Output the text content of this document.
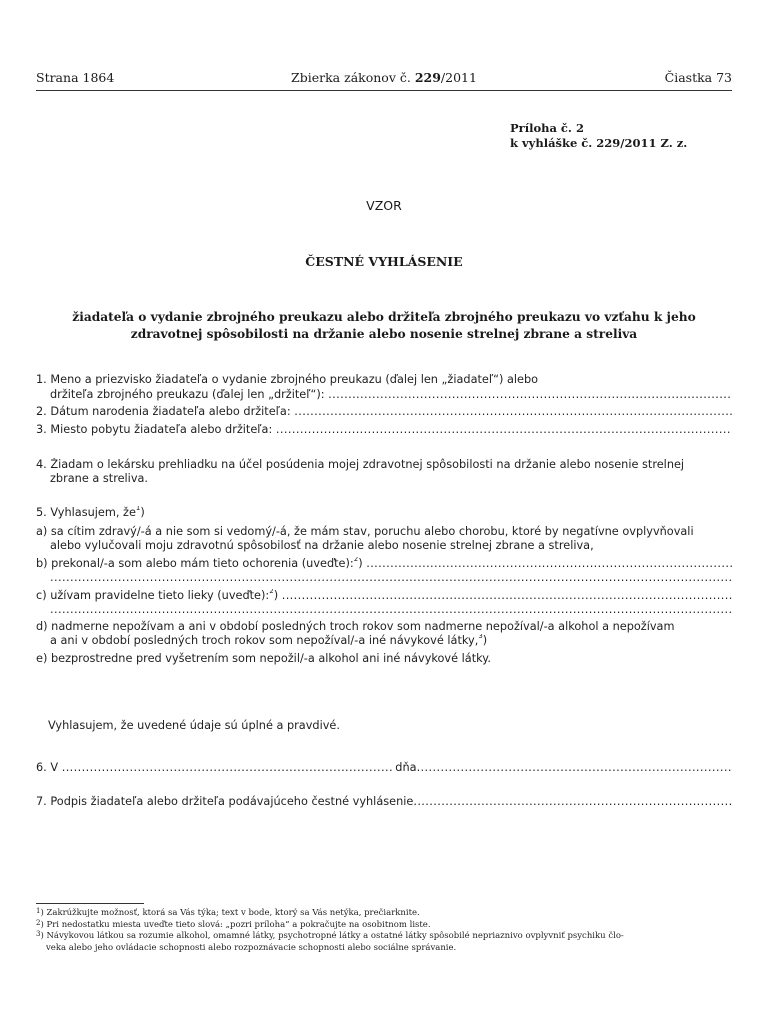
Strana 1864	Zbierka zákonov č. 229/2011	Čiastka 73
Príloha č. 2
k vyhláške č. 229/2011 Z. z.
VZOR
ČESTNÉ VYHLÁSENIE
žiadateľa o vydanie zbrojného preukazu alebo držiteľa zbrojného preukazu vo vzťahu k jeho
zdravotnej spôsobilosti na držanie alebo nosenie strelnej zbrane a streliva
1. Meno a priezvisko žiadateľa o vydanie zbrojného preukazu (ďalej len „žiadateľ“) alebo
držiteľa zbrojného preukazu (ďalej len „držiteľ“):
.....
2. Dátum narodenia žiadateľa alebo držiteľa:
.....
3. Miesto pobytu žiadateľa alebo držiteľa:
.....
4. Žiadam o lekársku prehliadku na účel posúdenia mojej zdravotnej spôsobilosti na držanie alebo nosenie strelnej
zbrane a streliva.
5. Vyhlasujem, $že^1$)
a) sa cítim zdravý/-á a nie som si vedomý/-á, že mám stav, poruchu alebo chorobu, ktoré by negatívne ovplyvňovali
alebo vylučovali moju zdravotnú spôsobilosť na držanie alebo nosenie strelnej zbrane a streliva,
b) prekonal/-a som alebo mám tieto ochorenia (uveďte):$^2$)
.....
.....
c) užívam pravidelne tieto lieky (uveďte):$^2$)
.....
.....
d) nadmerne nepožívam a ani v období posledných troch rokov som nadmerne nepožíval/-a alkohol a nepožívam
a ani v období posledných troch rokov som nepožíval/-a iné návykové látky,$^3$)
e) bezprostredne pred vyšetrením som nepožil/-a alkohol ani iné návykové látky.
Vyhlasujem, že uvedené údaje sú úplné a pravdivé.
6. V
.....	dňa
.....
7. Podpis žiadateľa alebo držiteľa podávajúceho čestné vyhlásenie
.....
$^1$) Zakrúžkujte možnosť, ktorá sa Vás týka; text v bode, ktorý sa Vás netýka, prečiarknite.
$^2$) Pri nedostatku miesta uveďte tieto slová: „pozri príloha“ a pokračujte na osobitnom liste.
$^3$) Návykovou látkou sa rozumie alkohol, omamné látky, psychotropné látky a ostatné látky spôsobilé nepriaznivo ovplyvniť psychiku člo-
veka alebo jeho ovládacie schopnosti alebo rozpoznávacie schopnosti alebo sociálne správanie.
